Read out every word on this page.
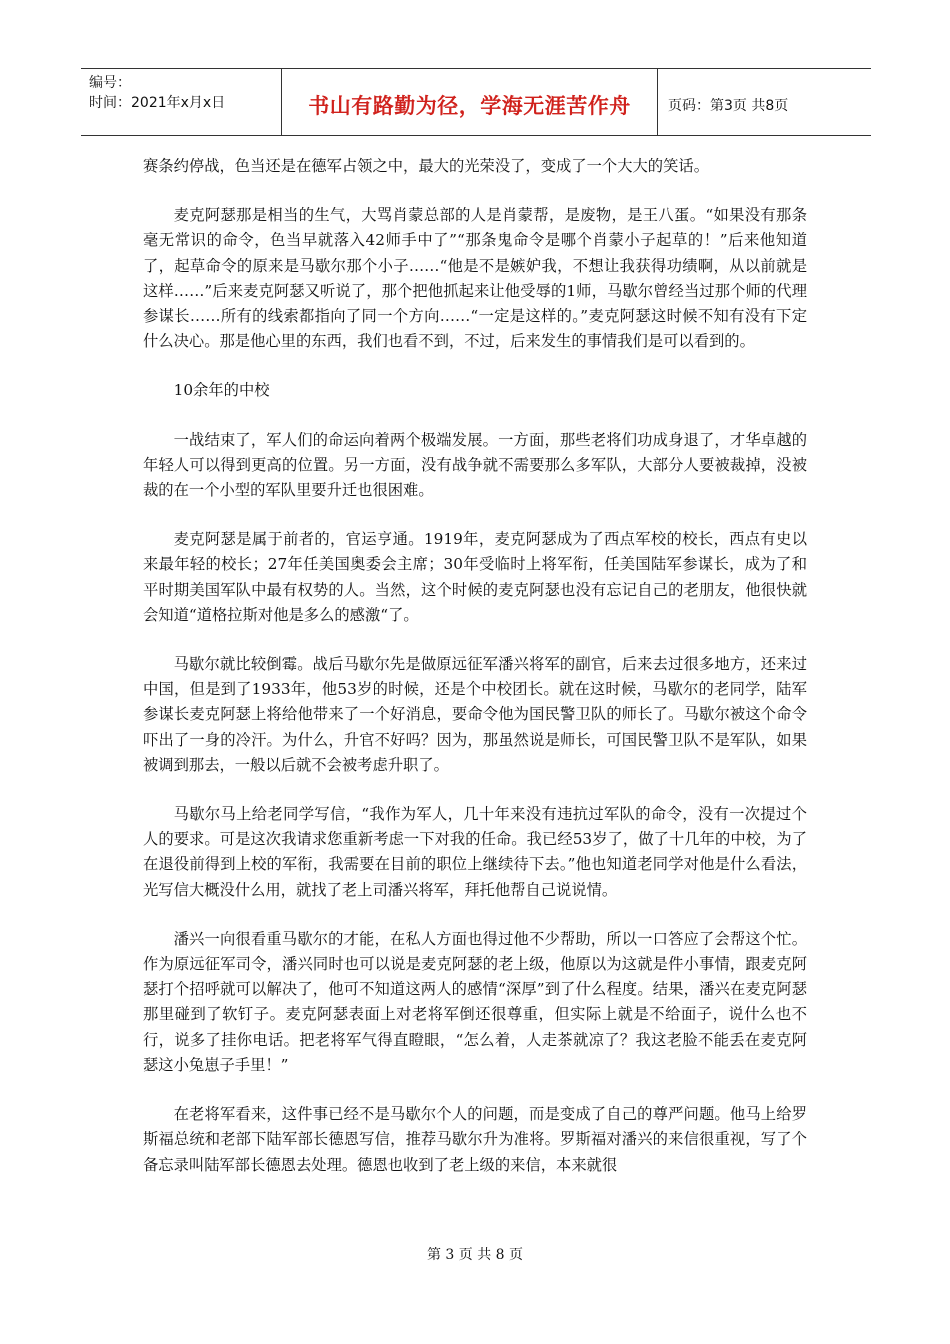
编号：
时间：2021年x月x日	书山有路勤为径，学海无涯苦作舟	页码：第3页 共8页

赛条约停战，色当还是在德军占领之中，最大的光荣没了，变成了一个大大的笑话。

麦克阿瑟那是相当的生气，大骂肖蒙总部的人是肖蒙帮，是废物，是王八蛋。“如果没有那条毫无常识的命令，色当早就落入42师手中了”“那条鬼命令是哪个肖蒙小子起草的！”后来他知道了，起草命令的原来是马歇尔那个小子……“他是不是嫉妒我，不想让我获得功绩啊，从以前就是这样……”后来麦克阿瑟又听说了，那个把他抓起来让他受辱的1师，马歇尔曾经当过那个师的代理参谋长……所有的线索都指向了同一个方向……“一定是这样的。”麦克阿瑟这时候不知有没有下定什么决心。那是他心里的东西，我们也看不到，不过，后来发生的事情我们是可以看到的。

10余年的中校

一战结束了，军人们的命运向着两个极端发展。一方面，那些老将们功成身退了，才华卓越的年轻人可以得到更高的位置。另一方面，没有战争就不需要那么多军队，大部分人要被裁掉，没被裁的在一个小型的军队里要升迁也很困难。

麦克阿瑟是属于前者的，官运亨通。1919年，麦克阿瑟成为了西点军校的校长，西点有史以来最年轻的校长；27年任美国奥委会主席；30年受临时上将军衔，任美国陆军参谋长，成为了和平时期美国军队中最有权势的人。当然，这个时候的麦克阿瑟也没有忘记自己的老朋友，他很快就会知道“道格拉斯对他是多么的感激“了。

马歇尔就比较倒霉。战后马歇尔先是做原远征军潘兴将军的副官，后来去过很多地方，还来过中国，但是到了1933年，他53岁的时候，还是个中校团长。就在这时候，马歇尔的老同学，陆军参谋长麦克阿瑟上将给他带来了一个好消息，要命令他为国民警卫队的师长了。马歇尔被这个命令吓出了一身的冷汗。为什么，升官不好吗？因为，那虽然说是师长，可国民警卫队不是军队，如果被调到那去，一般以后就不会被考虑升职了。

马歇尔马上给老同学写信，“我作为军人，几十年来没有违抗过军队的命令，没有一次提过个人的要求。可是这次我请求您重新考虑一下对我的任命。我已经53岁了，做了十几年的中校，为了在退役前得到上校的军衔，我需要在目前的职位上继续待下去。”他也知道老同学对他是什么看法，光写信大概没什么用，就找了老上司潘兴将军，拜托他帮自己说说情。

潘兴一向很看重马歇尔的才能，在私人方面也得过他不少帮助，所以一口答应了会帮这个忙。作为原远征军司令，潘兴同时也可以说是麦克阿瑟的老上级，他原以为这就是件小事情，跟麦克阿瑟打个招呼就可以解决了，他可不知道这两人的感情“深厚”到了什么程度。结果，潘兴在麦克阿瑟那里碰到了软钉子。麦克阿瑟表面上对老将军倒还很尊重，但实际上就是不给面子，说什么也不行，说多了挂你电话。把老将军气得直瞪眼，“怎么着，人走茶就凉了？我这老脸不能丢在麦克阿瑟这小兔崽子手里！”

在老将军看来，这件事已经不是马歇尔个人的问题，而是变成了自己的尊严问题。他马上给罗斯福总统和老部下陆军部长德恩写信，推荐马歇尔升为准将。罗斯福对潘兴的来信很重视，写了个备忘录叫陆军部长德恩去处理。德恩也收到了老上级的来信，本来就很

第 3 页 共 8 页
